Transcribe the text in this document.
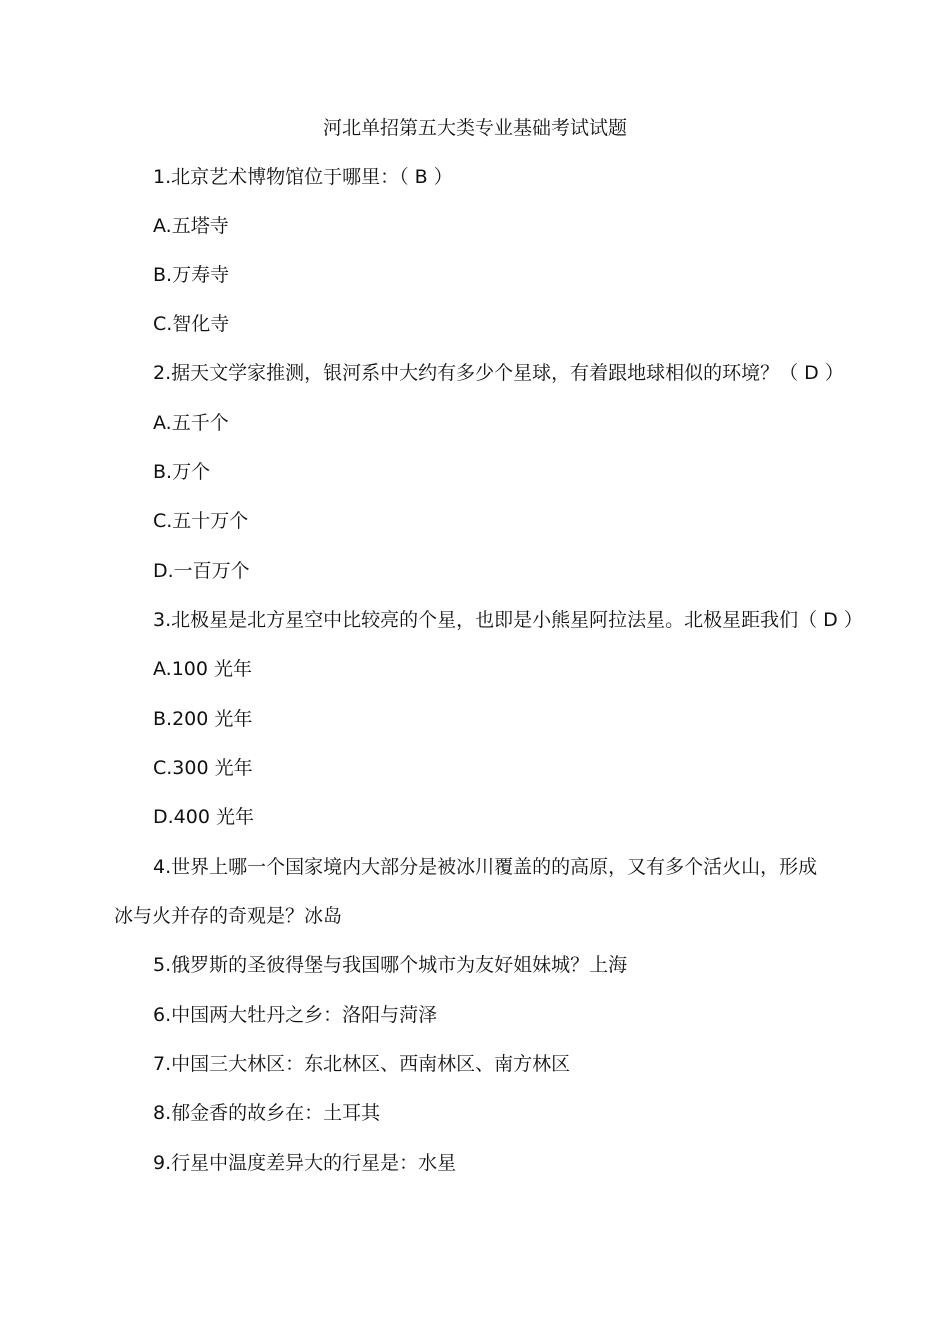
河北单招第五大类专业基础考试试题
1.北京艺术博物馆位于哪里：（ B ）
A.五塔寺
B.万寿寺
C.智化寺
2.据天文学家推测，银河系中大约有多少个星球，有着跟地球相似的环境？（ D ）
A.五千个
B.万个
C.五十万个
D.一百万个
3.北极星是北方星空中比较亮的个星，也即是小熊星阿拉法星。北极星距我们（ D ）
A.100 光年
B.200 光年
C.300 光年
D.400 光年
4.世界上哪一个国家境内大部分是被冰川覆盖的的高原，又有多个活火山，形成
冰与火并存的奇观是？冰岛
5.俄罗斯的圣彼得堡与我国哪个城市为友好姐妹城？上海
6.中国两大牡丹之乡：洛阳与菏泽
7.中国三大林区：东北林区、西南林区、南方林区
8.郁金香的故乡在：土耳其
9.行星中温度差异大的行星是：水星
